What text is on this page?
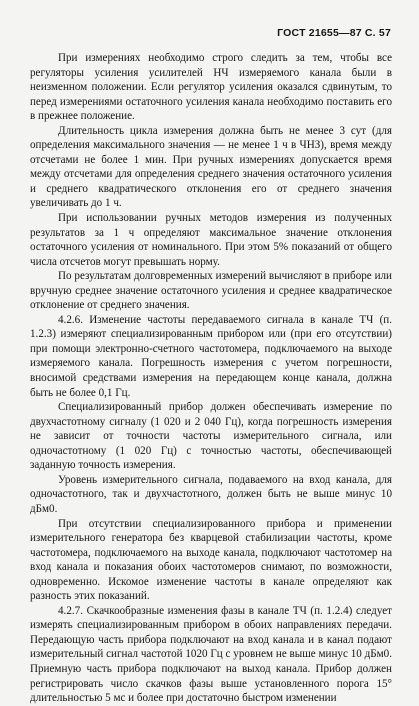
ГОСТ 21655—87 С. 57

При измерениях необходимо строго следить за тем, чтобы все регуляторы усиления усилителей НЧ измеряемого канала были в неизменном положении. Если регулятор усиления оказался сдвинутым, то перед измерениями остаточного усиления канала необходимо поставить его в прежнее положение.

Длительность цикла измерения должна быть не менее 3 сут (для определения максимального значения — не менее 1 ч в ЧНЗ), время между отсчетами не более 1 мин. При ручных измерениях допускается время между отсчетами для определения среднего значения остаточного усиления и среднего квадратического отклонения его от среднего значения увеличивать до 1 ч.

При использовании ручных методов измерения из полученных результатов за 1 ч определяют максимальное значение отклонения остаточного усиления от номинального. При этом 5% показаний от общего числа отсчетов могут превышать норму.

По результатам долговременных измерений вычисляют в приборе или вручную среднее значение остаточного усиления и среднее квадратическое отклонение от среднего значения.

4.2.6. Изменение частоты передаваемого сигнала в канале ТЧ (п. 1.2.3) измеряют специализированным прибором или (при его отсутствии) при помощи электронно-счетного частотомера, подключаемого на выходе измеряемого канала. Погрешность измерения с учетом погрешности, вносимой средствами измерения на передающем конце канала, должна быть не более 0,1 Гц.

Специализированный прибор должен обеспечивать измерение по двухчастотному сигналу (1 020 и 2 040 Гц), когда погрешность измерения не зависит от точности частоты измерительного сигнала, или одночастотному (1 020 Гц) с точностью частоты, обеспечивающей заданную точность измерения.

Уровень измерительного сигнала, подаваемого на вход канала, для одночастотного, так и двухчастотного, должен быть не выше минус 10 дБм0.

При отсутствии специализированного прибора и применении измерительного генератора без кварцевой стабилизации частоты, кроме частотомера, подключаемого на выходе канала, подключают частотомер на вход канала и показания обоих частотомеров снимают, по возможности, одновременно. Искомое изменение частоты в канале определяют как разность этих показаний.

4.2.7. Скачкообразные изменения фазы в канале ТЧ (п. 1.2.4) следует измерять специализированным прибором в обоих направлениях передачи. Передающую часть прибора подключают на вход канала и в канал подают измерительный сигнал частотой 1020 Гц с уровнем не выше минус 10 дБм0. Приемную часть прибора подключают на выход канала. Прибор должен регистрировать число скачков фазы выше установленного порога 15° длительностью 5 мс и более при достаточно быстром изменении
